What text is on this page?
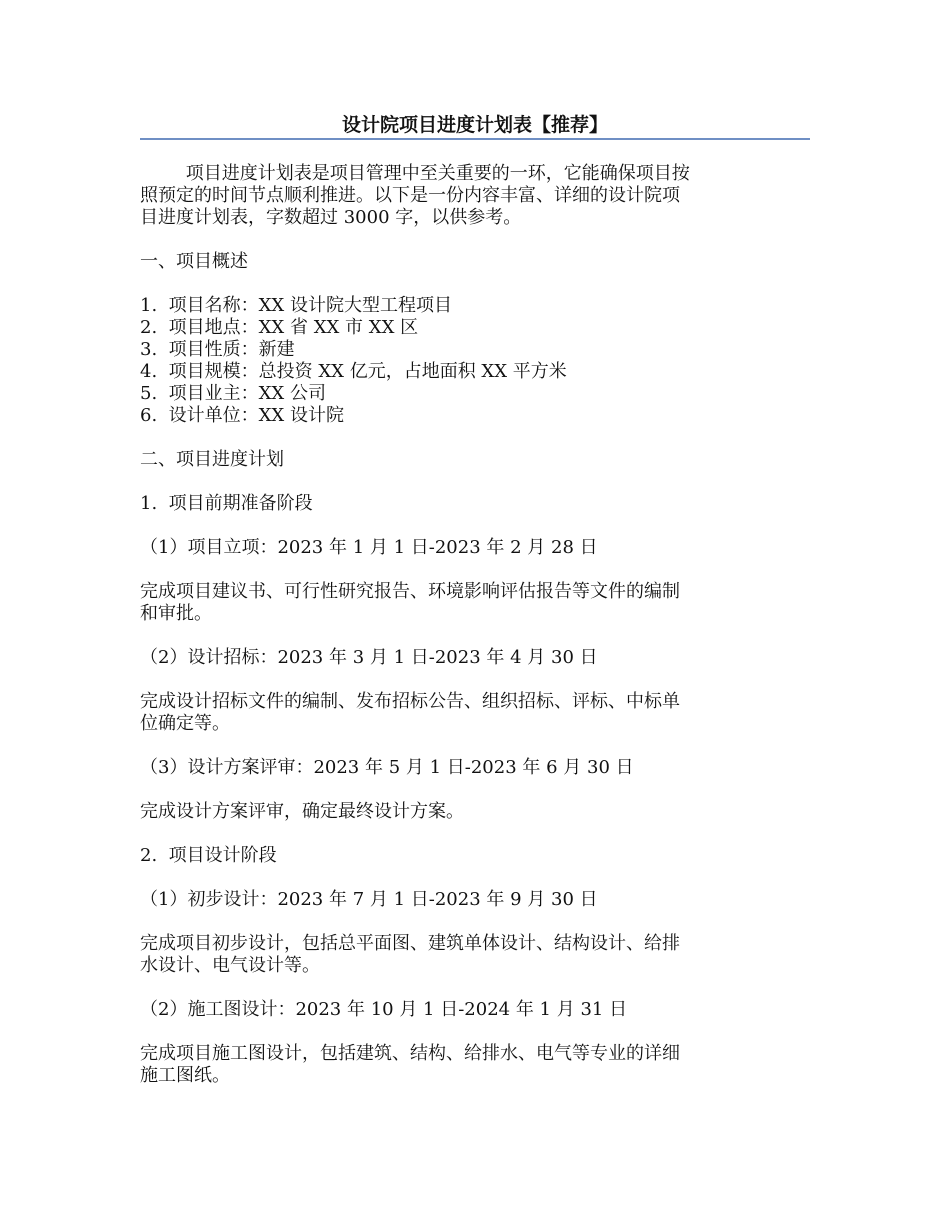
设计院项目进度计划表【推荐】

项目进度计划表是项目管理中至关重要的一环，它能确保项目按

照预定的时间节点顺利推进。以下是一份内容丰富、详细的设计院项

目进度计划表，字数超过 3000 字，以供参考。

一、项目概述

1.  项目名称：XX 设计院大型工程项目

2.  项目地点：XX 省 XX 市 XX 区

3.  项目性质：新建

4.  项目规模：总投资 XX 亿元，占地面积 XX 平方米

5.  项目业主：XX 公司

6.  设计单位：XX 设计院

二、项目进度计划

1.  项目前期准备阶段

（1）项目立项：2023 年 1 月 1 日-2023 年 2 月 28 日

完成项目建议书、可行性研究报告、环境影响评估报告等文件的编制

和审批。

（2）设计招标：2023 年 3 月 1 日-2023 年 4 月 30 日

完成设计招标文件的编制、发布招标公告、组织招标、评标、中标单

位确定等。

（3）设计方案评审：2023 年 5 月 1 日-2023 年 6 月 30 日

完成设计方案评审，确定最终设计方案。

2.  项目设计阶段

（1）初步设计：2023 年 7 月 1 日-2023 年 9 月 30 日

完成项目初步设计，包括总平面图、建筑单体设计、结构设计、给排

水设计、电气设计等。

（2）施工图设计：2023 年 10 月 1 日-2024 年 1 月 31 日

完成项目施工图设计，包括建筑、结构、给排水、电气等专业的详细

施工图纸。
